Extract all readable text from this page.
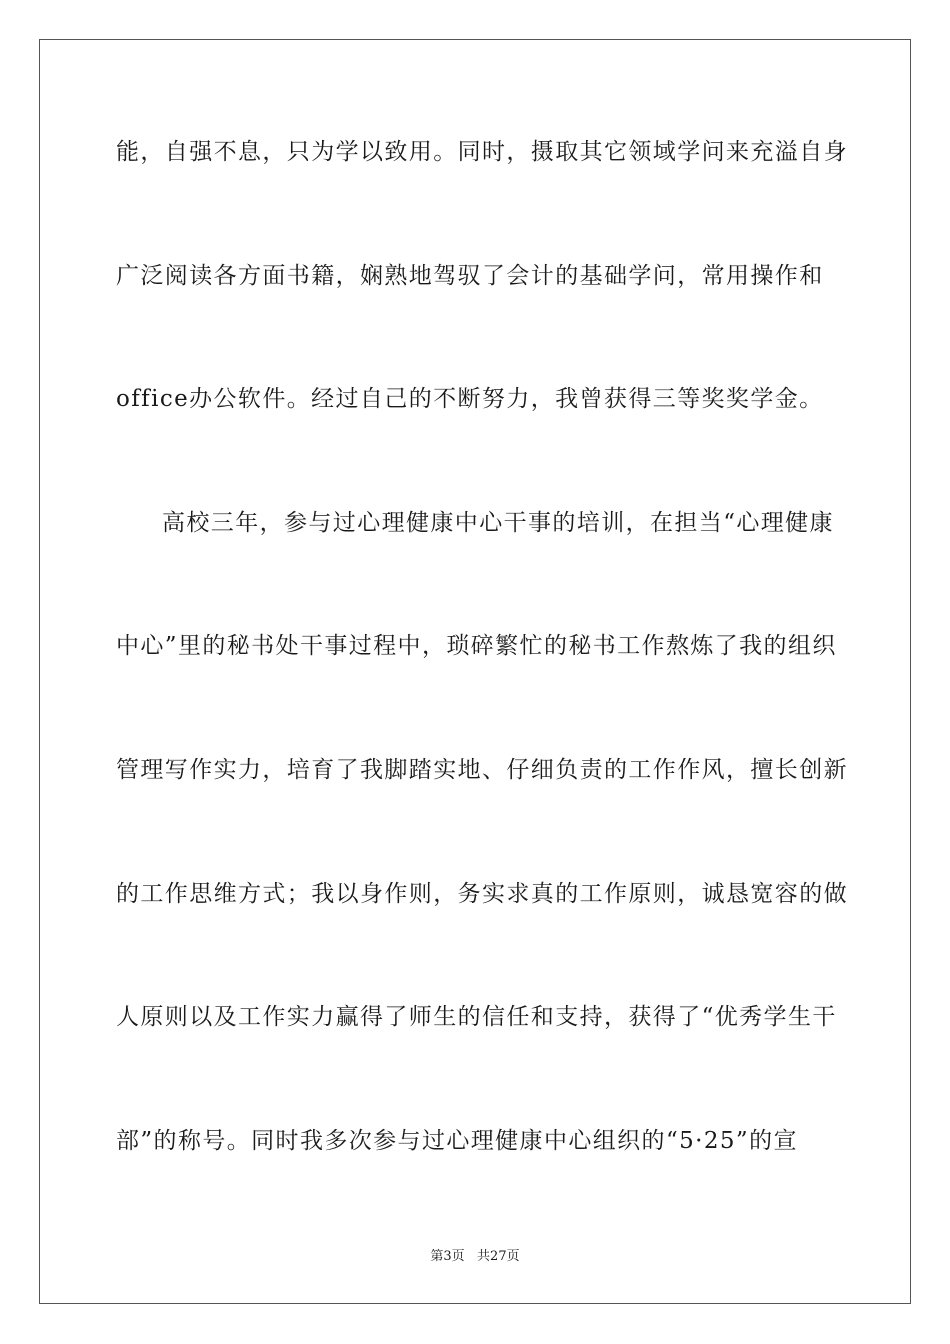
能，自强不息，只为学以致用。同时，摄取其它领域学问来充溢自身
广泛阅读各方面书籍，娴熟地驾驭了会计的基础学问，常用操作和
office办公软件。经过自己的不断努力，我曾获得三等奖奖学金。
高校三年，参与过心理健康中心干事的培训，在担当“心理健康
中心”里的秘书处干事过程中，琐碎繁忙的秘书工作熬炼了我的组织
管理写作实力，培育了我脚踏实地、仔细负责的工作作风，擅长创新
的工作思维方式；我以身作则，务实求真的工作原则，诚恳宽容的做
人原则以及工作实力赢得了师生的信任和支持，获得了“优秀学生干
部”的称号。同时我多次参与过心理健康中心组织的“5·25”的宣
第3页   共27页
